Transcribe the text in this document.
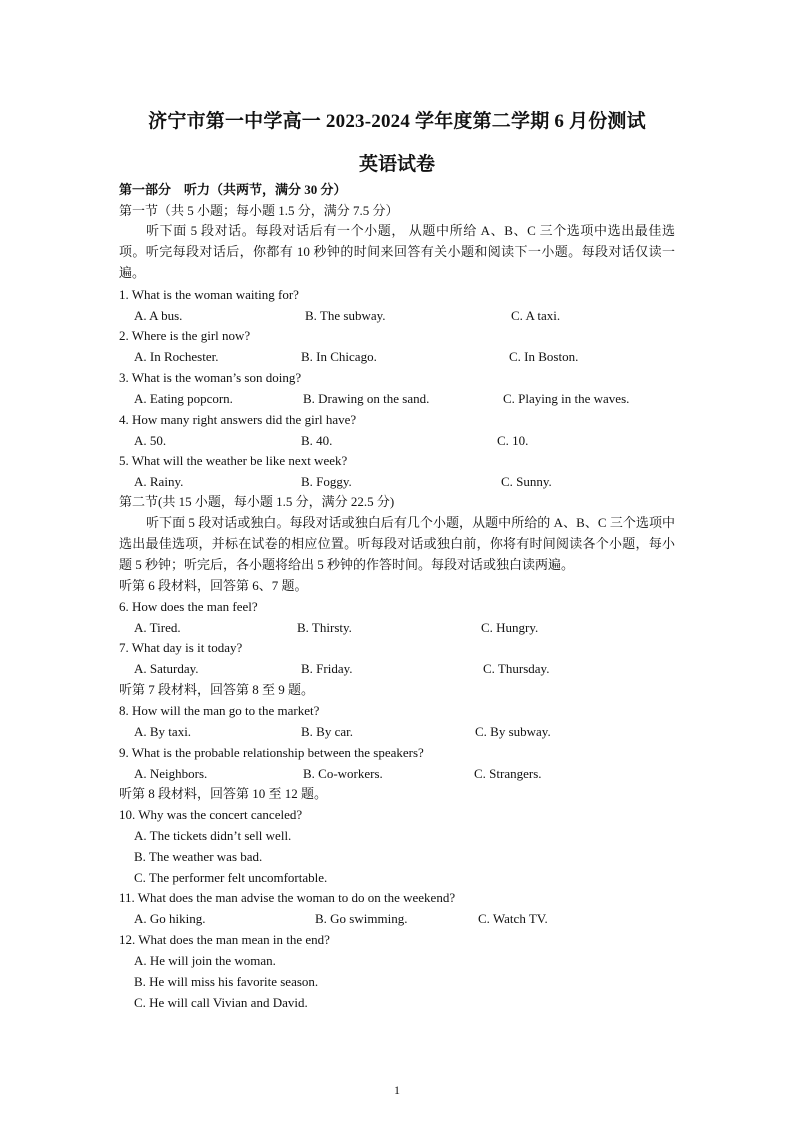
济宁市第一中学高一 2023-2024 学年度第二学期 6 月份测试
英语试卷
第一部分　听力（共两节，满分 30 分）
第一节（共 5 小题；每小题 1.5 分，满分 7.5 分）
听下面 5 段对话。每段对话后有一个小题， 从题中所给 A、B、C 三个选项中选出最佳选项。听完每段对话后，你都有 10 秒钟的时间来回答有关小题和阅读下一小题。每段对话仅读一遍。
1. What is the woman waiting for?
A. A bus.	B. The subway.	C. A taxi.
2. Where is the girl now?
A. In Rochester.	B. In Chicago.	C. In Boston.
3. What is the woman’s son doing?
A. Eating popcorn.	B. Drawing on the sand.	C. Playing in the waves.
4. How many right answers did the girl have?
A. 50.	B. 40.	C. 10.
5. What will the weather be like next week?
A. Rainy.	B. Foggy.	C. Sunny.
第二节(共 15 小题，每小题 1.5 分，满分 22.5 分)
听下面 5 段对话或独白。每段对话或独白后有几个小题，从题中所给的 A、B、C 三个选项中选出最佳选项，并标在试卷的相应位置。听每段对话或独白前，你将有时间阅读各个小题，每小题 5 秒钟；听完后，各小题将给出 5 秒钟的作答时间。每段对话或独白读两遍。
听第 6 段材料，回答第 6、7 题。
6. How does the man feel?
A. Tired.	B. Thirsty.	C. Hungry.
7. What day is it today?
A. Saturday.	B. Friday.	C. Thursday.
听第 7 段材料，回答第 8 至 9 题。
8. How will the man go to the market?
A. By taxi.	B. By car.	C. By subway.
9. What is the probable relationship between the speakers?
A. Neighbors.	B. Co-workers.	C. Strangers.
听第 8 段材料，回答第 10 至 12 题。
10. Why was the concert canceled?
A. The tickets didn’t sell well.
B. The weather was bad.
C. The performer felt uncomfortable.
11. What does the man advise the woman to do on the weekend?
A. Go hiking.	B. Go swimming.	C. Watch TV.
12. What does the man mean in the end?
A. He will join the woman.
B. He will miss his favorite season.
C. He will call Vivian and David.
1
